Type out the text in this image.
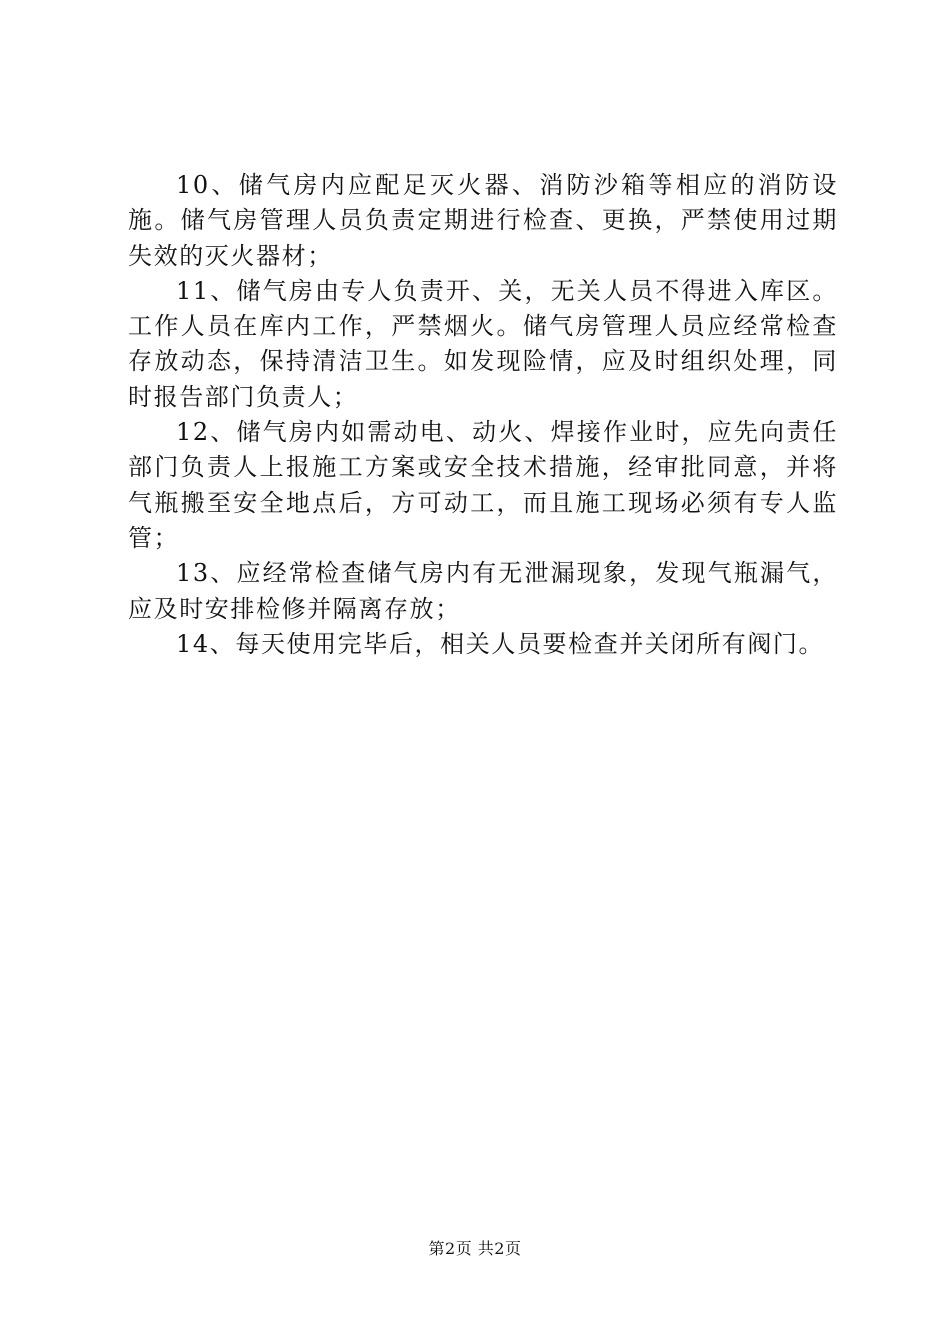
10、储气房内应配足灭火器、消防沙箱等相应的消防设施。储气房管理人员负责定期进行检查、更换，严禁使用过期失效的灭火器材；

11、储气房由专人负责开、关，无关人员不得进入库区。工作人员在库内工作，严禁烟火。储气房管理人员应经常检查存放动态，保持清洁卫生。如发现险情，应及时组织处理，同时报告部门负责人；

12、储气房内如需动电、动火、焊接作业时，应先向责任部门负责人上报施工方案或安全技术措施，经审批同意，并将气瓶搬至安全地点后，方可动工，而且施工现场必须有专人监管；

13、应经常检查储气房内有无泄漏现象，发现气瓶漏气，应及时安排检修并隔离存放；

14、每天使用完毕后，相关人员要检查并关闭所有阀门。

第2页 共2页
